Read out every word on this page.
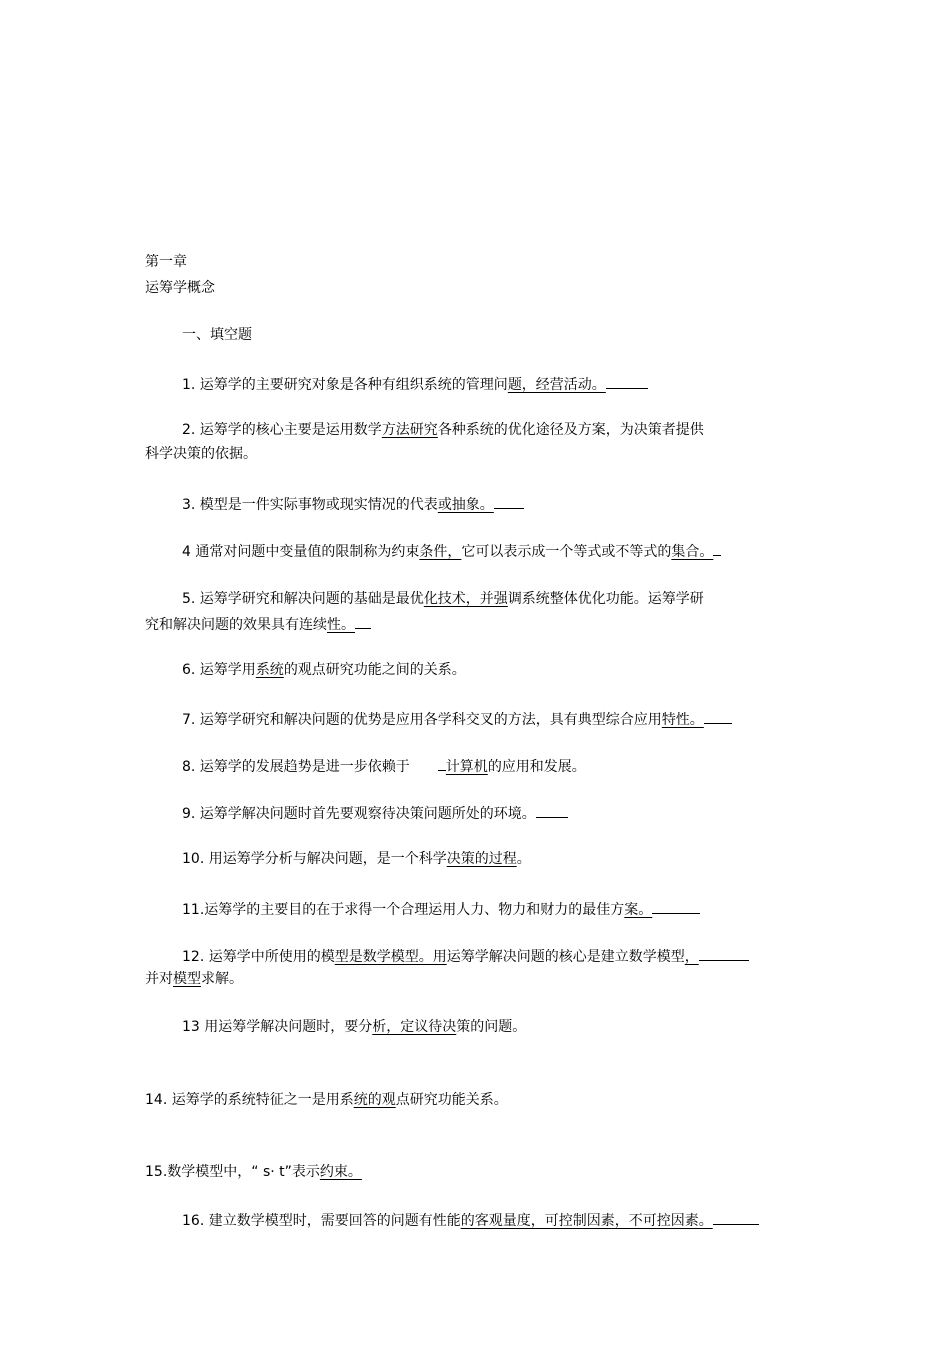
第一章
运筹学概念
一、填空题
1. 运筹学的主要研究对象是各种有组织系统的管理问题，经营活动。
2. 运筹学的核心主要是运用数学方法研究各种系统的优化途径及方案，为决策者提供
科学决策的依据。
3. 模型是一件实际事物或现实情况的代表或抽象。
4 通常对问题中变量值的限制称为约束条件，它可以表示成一个等式或不等式的集合。
5. 运筹学研究和解决问题的基础是最优化技术，并强调系统整体优化功能。运筹学研
究和解决问题的效果具有连续性。
6. 运筹学用系统的观点研究功能之间的关系。
7. 运筹学研究和解决问题的优势是应用各学科交叉的方法，具有典型综合应用特性。
8. 运筹学的发展趋势是进一步依赖于	计算机的应用和发展。
9. 运筹学解决问题时首先要观察待决策问题所处的环境。
10. 用运筹学分析与解决问题，是一个科学决策的过程。
11.运筹学的主要目的在于求得一个合理运用人力、物力和财力的最佳方案。
12. 运筹学中所使用的模型是数学模型。用运筹学解决问题的核心是建立数学模型，
并对模型求解。
13 用运筹学解决问题时，要分析，定议待决策的问题。
14. 运筹学的系统特征之一是用系统的观点研究功能关系。
15.数学模型中，“ s· t”表示约束。
16. 建立数学模型时，需要回答的问题有性能的客观量度，可控制因素，不可控因素。
